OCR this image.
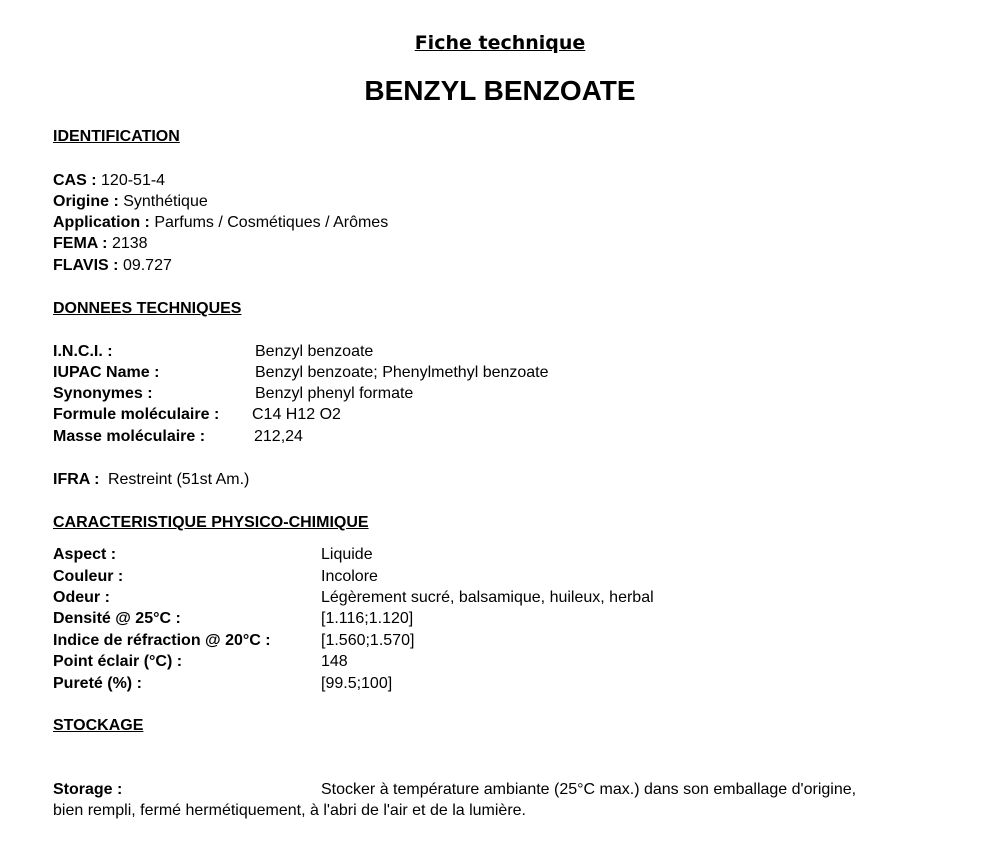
Fiche technique
BENZYL BENZOATE
IDENTIFICATION
CAS : 120-51-4
Origine : Synthétique
Application : Parfums / Cosmétiques / Arômes
FEMA : 2138
FLAVIS : 09.727
DONNEES TECHNIQUES
I.N.C.I. :	Benzyl benzoate
IUPAC Name :	Benzyl benzoate; Phenylmethyl benzoate
Synonymes :	Benzyl phenyl formate
Formule moléculaire : C14 H12 O2
Masse moléculaire :	212,24
IFRA : Restreint (51st Am.)
CARACTERISTIQUE PHYSICO-CHIMIQUE
Aspect :	Liquide
Couleur :	Incolore
Odeur :	Légèrement sucré, balsamique, huileux, herbal
Densité @ 25°C :	[1.116;1.120]
Indice de réfraction @ 20°C :	[1.560;1.570]
Point éclair (°C) :	148
Pureté (%) :	[99.5;100]
STOCKAGE
Storage :	Stocker à température ambiante (25°C max.) dans son emballage d'origine,
bien rempli, fermé hermétiquement, à l'abri de l'air et de la lumière.
